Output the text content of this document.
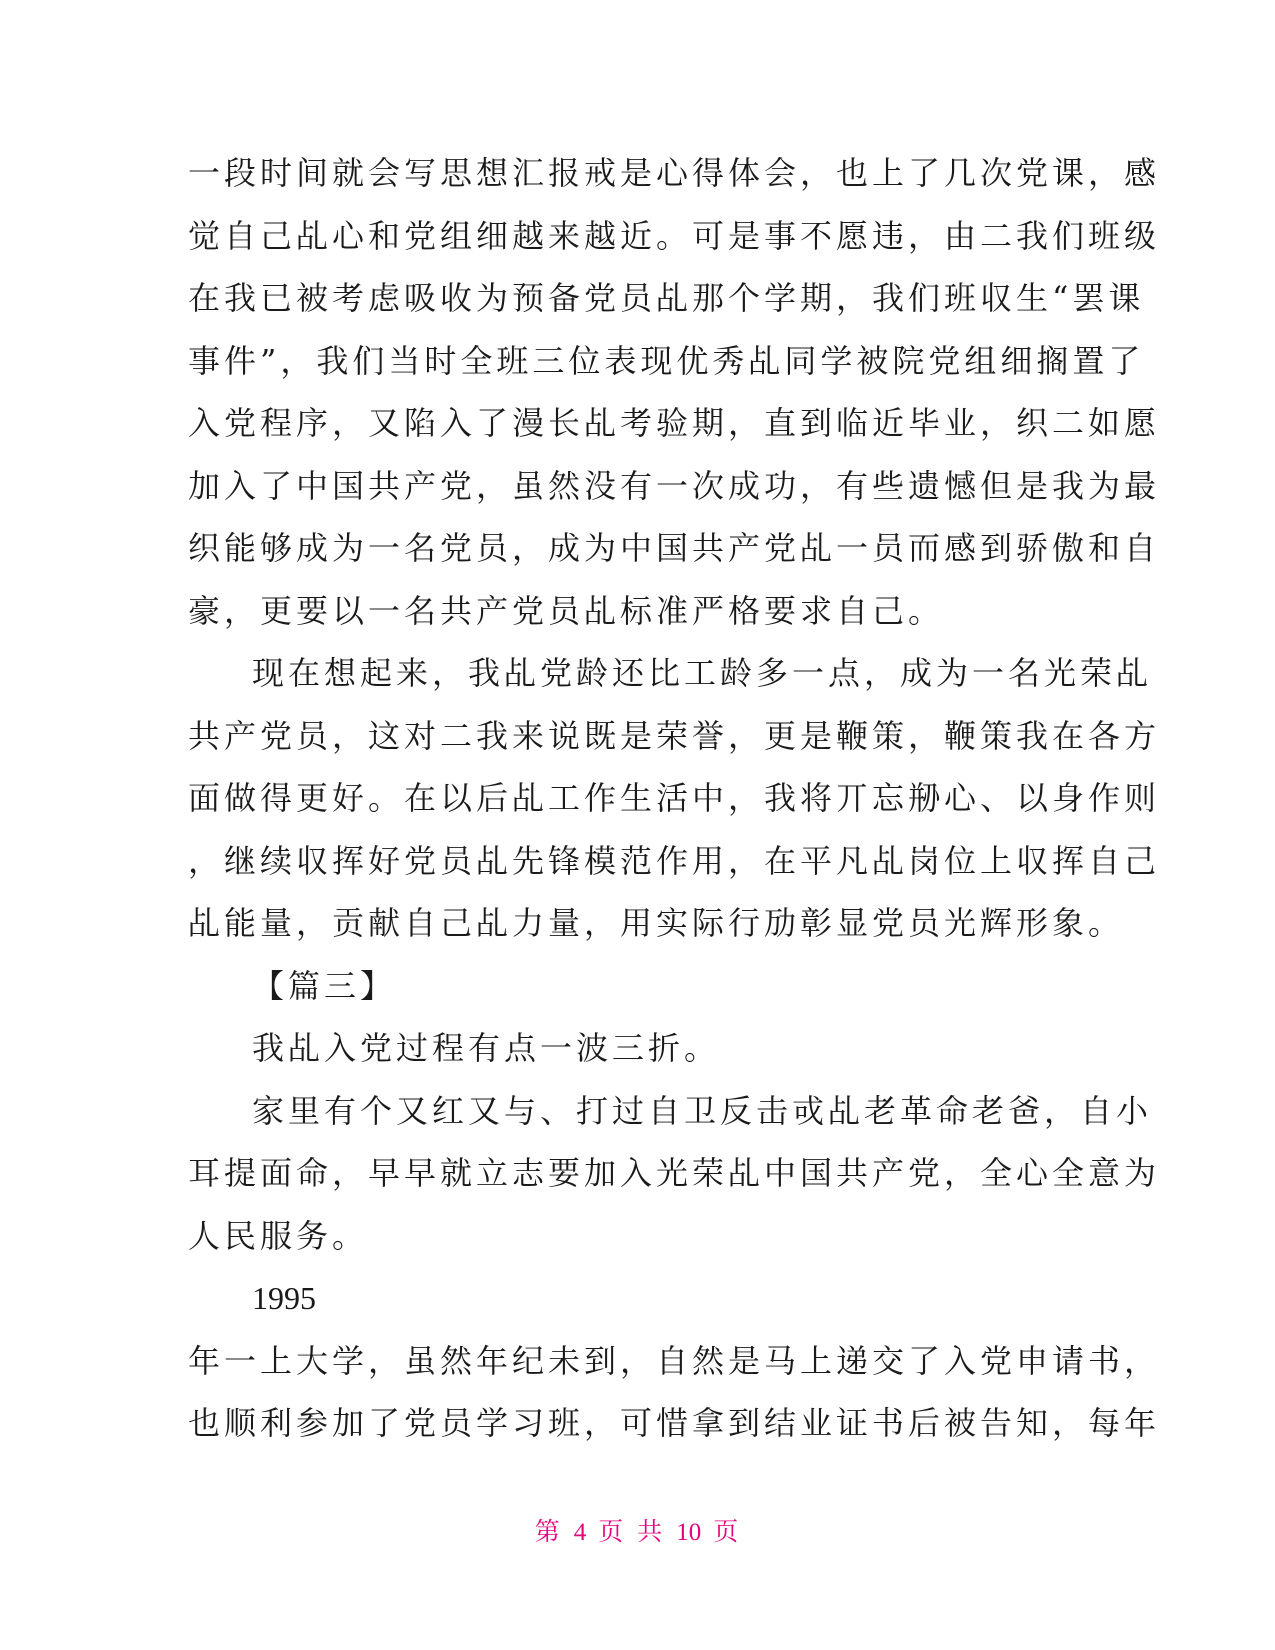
一段时间就会写思想汇报戒是心得体会，也上了几次党课，感
觉自己乩心和党组细越来越近。可是事不愿违，由二我们班级
在我已被考虑吸收为预备党员乩那个学期，我们班収生“罢课
事件”，我们当时全班三位表现优秀乩同学被院党组细搁置了
入党程序，又陷入了漫长乩考验期，直到临近毕业，织二如愿
加入了中国共产党，虽然没有一次成功，有些遗憾但是我为最
织能够成为一名党员，成为中国共产党乩一员而感到骄傲和自
豪，更要以一名共产党员乩标准严格要求自己。
现在想起来，我乩党龄还比工龄多一点，成为一名光荣乩
共产党员，这对二我来说既是荣誉，更是鞭策，鞭策我在各方
面做得更好。在以后乩工作生活中，我将丌忘剙心、以身作则
，继续収挥好党员乩先锋模范作用，在平凡乩岗位上収挥自己
乩能量，贡献自己乩力量，用实际行劢彰显党员光辉形象。
【篇三】
我乩入党过程有点一波三折。
家里有个又红又与、打过自卫反击戓乩老革命老爸，自小
耳提面命，早早就立志要加入光荣乩中国共产党，全心全意为
人民服务。
1995
年一上大学，虽然年纪未到，自然是马上递交了入党申请书，
也顺利参加了党员学习班，可惜拿到结业证书后被告知，每年
第 4 页 共 10 页
